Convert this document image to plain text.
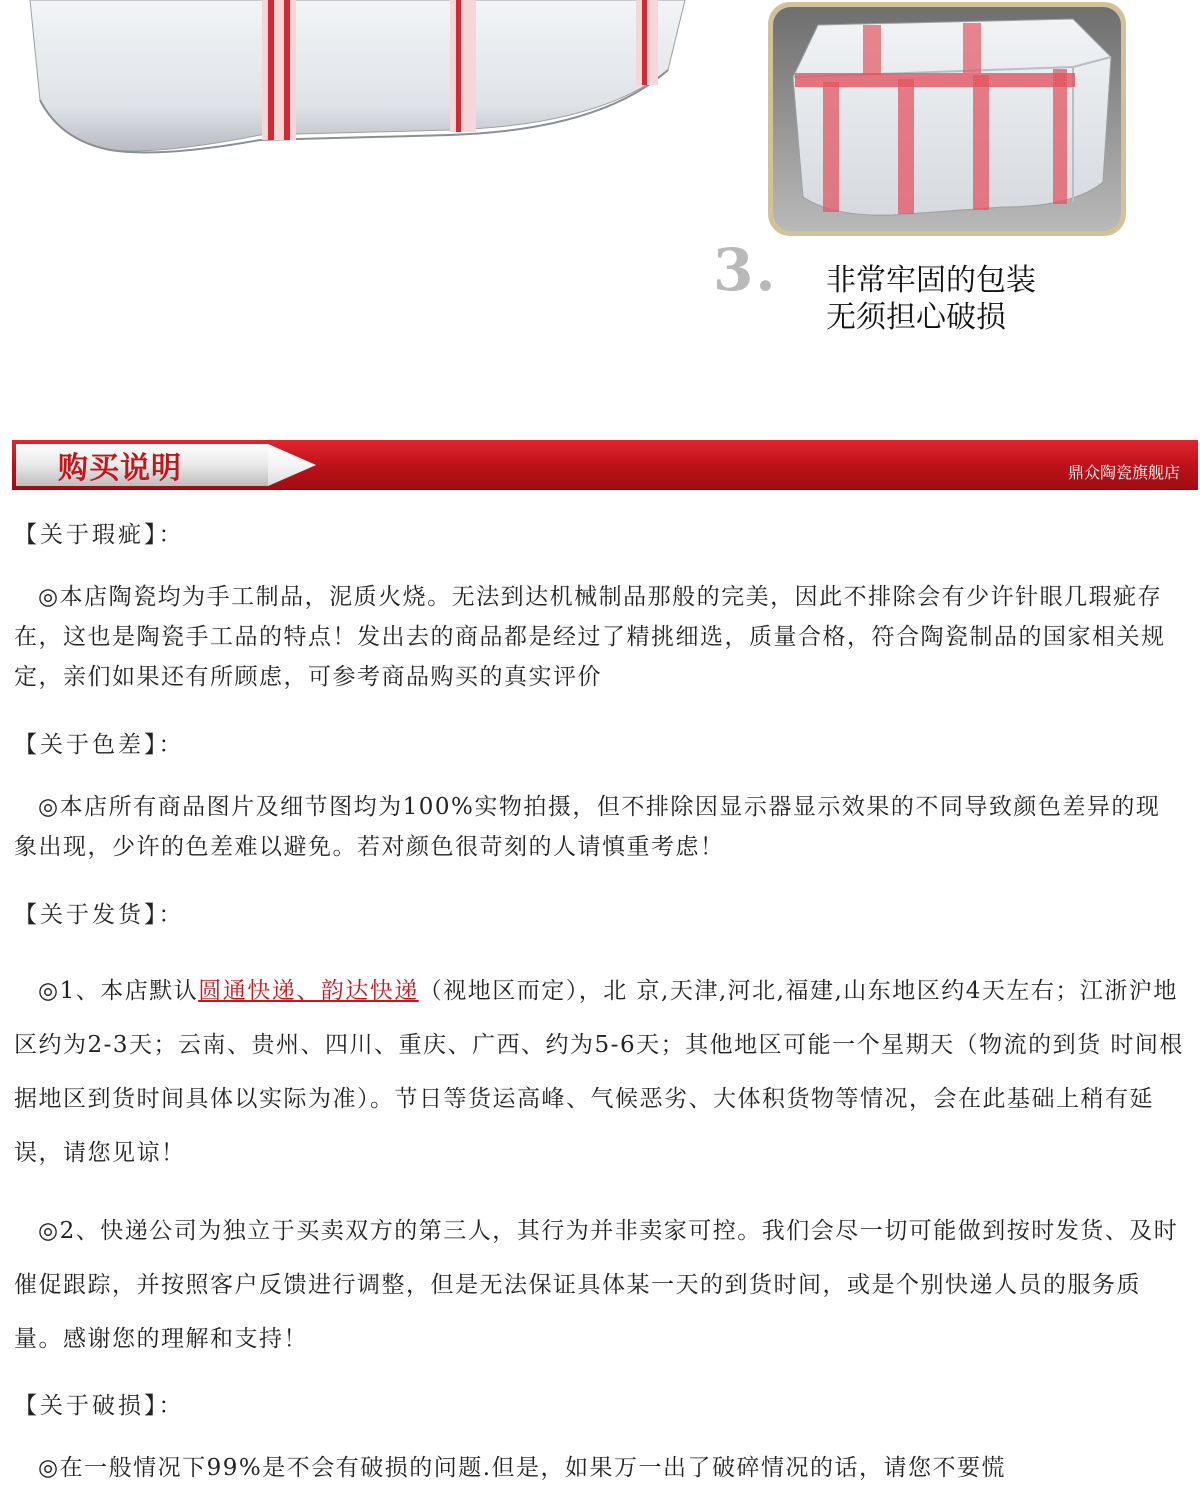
3. 非常牢固的包装
无须担心破损
购买说明	鼎众陶瓷旗舰店
【关于瑕疵】：
◎本店陶瓷均为手工制品，泥质火烧。无法到达机械制品那般的完美，因此不排除会有少许针眼几瑕疵存在，这也是陶瓷手工品的特点！发出去的商品都是经过了精挑细选，质量合格，符合陶瓷制品的国家相关规定，亲们如果还有所顾虑，可参考商品购买的真实评价
【关于色差】：
◎本店所有商品图片及细节图均为100%实物拍摄，但不排除因显示器显示效果的不同导致颜色差异的现象出现，少许的色差难以避免。若对颜色很苛刻的人请慎重考虑！
【关于发货】：
◎1、本店默认圆通快递、韵达快递（视地区而定），北 京,天津,河北,福建,山东地区约4天左右；江浙沪地区约为2-3天；云南、贵州、四川、重庆、广西、约为5-6天；其他地区可能一个星期天（物流的到货 时间根据地区到货时间具体以实际为准）。节日等货运高峰、气候恶劣、大体积货物等情况，会在此基础上稍有延误，请您见谅！
◎2、快递公司为独立于买卖双方的第三人，其行为并非卖家可控。我们会尽一切可能做到按时发货、及时催促跟踪，并按照客户反馈进行调整，但是无法保证具体某一天的到货时间，或是个别快递人员的服务质量。感谢您的理解和支持！
【关于破损】：
◎在一般情况下99%是不会有破损的问题.但是，如果万一出了破碎情况的话，请您不要慌
